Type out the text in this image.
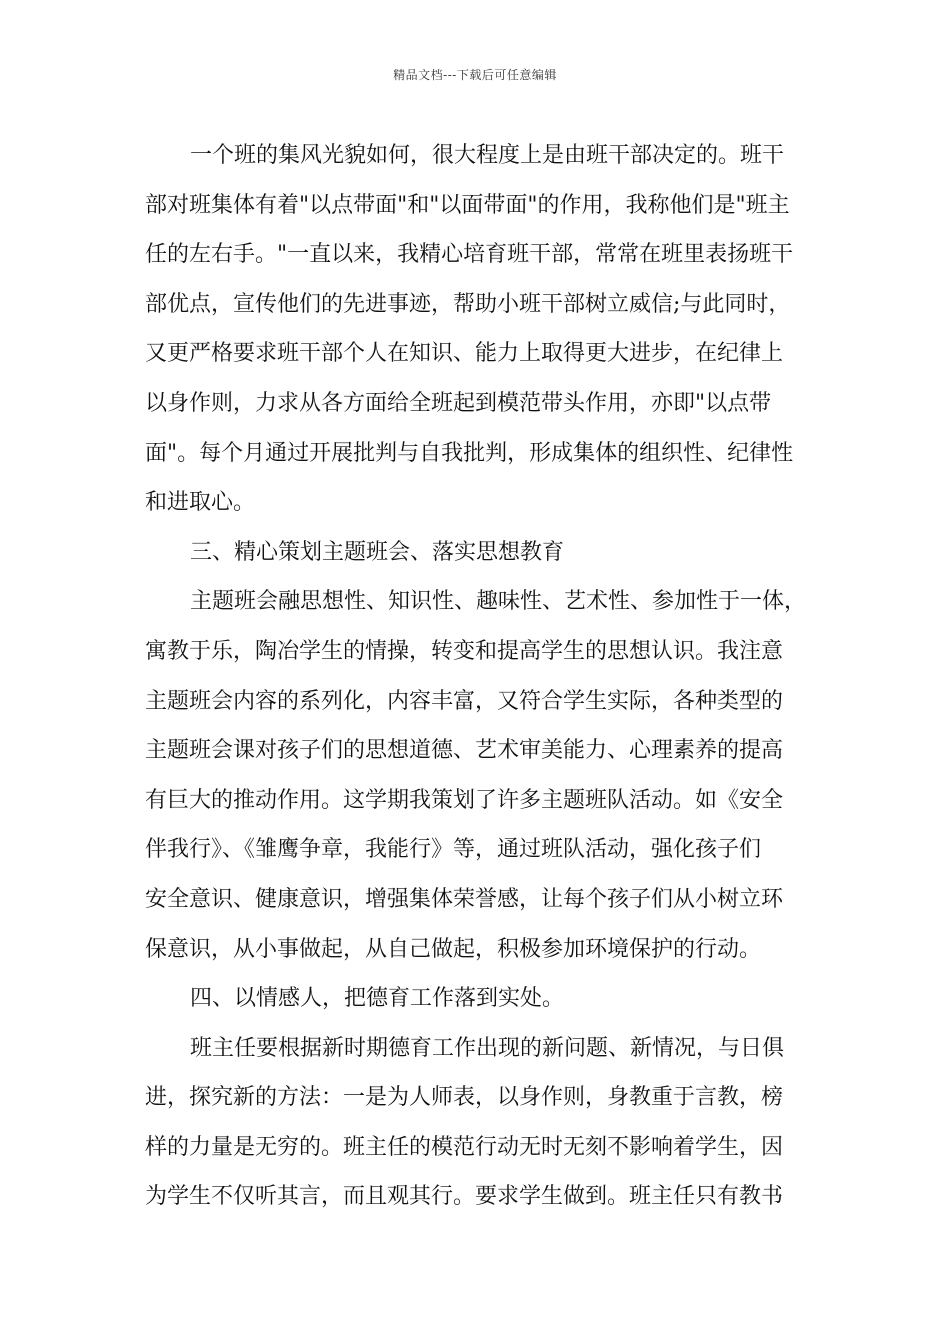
精品文档---下载后可任意编辑
一个班的集风光貌如何，很大程度上是由班干部决定的。班干
部对班集体有着"以点带面"和"以面带面"的作用，我称他们是"班主
任的左右手。"一直以来，我精心培育班干部，常常在班里表扬班干
部优点，宣传他们的先进事迹，帮助小班干部树立威信;与此同时，
又更严格要求班干部个人在知识、能力上取得更大进步，在纪律上
以身作则，力求从各方面给全班起到模范带头作用，亦即"以点带
面"。每个月通过开展批判与自我批判，形成集体的组织性、纪律性
和进取心。
三、精心策划主题班会、落实思想教育
主题班会融思想性、知识性、趣味性、艺术性、参加性于一体，
寓教于乐，陶冶学生的情操，转变和提高学生的思想认识。我注意
主题班会内容的系列化，内容丰富，又符合学生实际，各种类型的
主题班会课对孩子们的思想道德、艺术审美能力、心理素养的提高
有巨大的推动作用。这学期我策划了许多主题班队活动。如《安全
伴我行》、《雏鹰争章，我能行》等，通过班队活动，强化孩子们
安全意识、健康意识，增强集体荣誉感，让每个孩子们从小树立环
保意识，从小事做起，从自己做起，积极参加环境保护的行动。
四、以情感人，把德育工作落到实处。
班主任要根据新时期德育工作出现的新问题、新情况，与日俱
进，探究新的方法：一是为人师表，以身作则，身教重于言教，榜
样的力量是无穷的。班主任的模范行动无时无刻不影响着学生，因
为学生不仅听其言，而且观其行。要求学生做到。班主任只有教书
